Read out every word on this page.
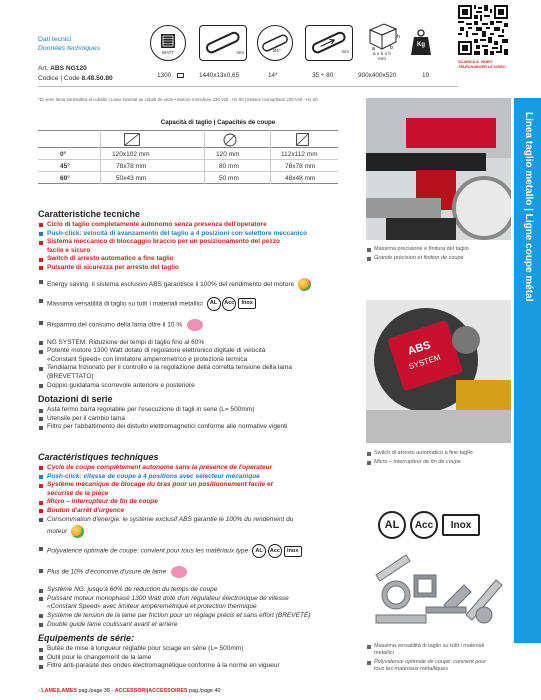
Dati tecnici
Données techniques
Art. ABS NG120
Codice | Code 8.48.50.80
WATT	mm	Ø1*	mm
h
a	b
a x b x h
mm
Kg
SCARICA IL VIDEO
TÉLÉCHARGER LE VIDEO
1300	1440x13x0,65	14*	35 ÷ 80	900x400x520	19
*Di serie lama bimetallica al cobalto | Lame bimétal au cobalt de série • Motore monofase 230 Volt - Hz 50 | Moteur monophasé 230 Volt - Hz 50
Capacità di taglio | Capacités de coupe
0°	120x102 mm	120 mm	112x112 mm
45°	78x78 mm	80 mm	78x78 mm
60°	50x43 mm	50 mm	48x48 mm
Caratteristiche tecniche
Ciclo di taglio completamente autonomo senza presenza dell'operatore
Push-click: velocità di avanzamento del taglio a 4 posizioni con selettore meccanico
Sistema meccanico di bloccaggio braccio per un posizionamento del pezzo
facile e sicuro
Switch di arresto automatico a fine taglio
Pulsante di sicurezza per arresto del taglio
Energy saving: il sistema esclusivo ABS garantisce il 100% del rendimento del motore
Massima versatilità di taglio su tutti I materiali metallici AL Acc Inox
Risparmio del consumo della lama oltre il 10 %
NG SYSTEM: Riduzione dei tempi di taglio fino al 60%
Potente motore 1300 Watt dotato di regolatore elettronico digitale di velocità
«Constant Speed» con limitatore amperometrico e protezione termica
Tendilama frizionato per il controllo e la regolazione della corretta tensione della lama
(BREVETTATO)
Doppio guidalama scorrevole anteriore e posteriore
Dotazioni di serie
Asta fermo barra regolabile per l'esecuzione di tagli in serie (L= 500mm)
Utensile per il cambio lama
Filtro per l'abbattimento dei disturbi elettromagnetici conforme alle normative vigenti
Caractéristiques techniques
Cycle de coupe complètement autonome sans la présence de l'operateur
Push-click: vitesse de coupe à 4 positions avec sélecteur mécanique
Système mécanique de blocage du bras pour un positionnement facile et
sécurisé de la pièce
Micro – interrupteur de fin de coupe
Bouton d'arrêt d'urgence
Consommation d'énergie: le système exclusif ABS garantie le 100% du rendement du
moteur
Polyvalence optimale de coupe: convient pour tous les matériaux type AL Acc Inox
Plus de 10% d'économie d'usure de lame
Système NG: jusqu'à 60% de réduction du temps de coupe
Puissant moteur monophasé 1300 Watt doté d'un régulateur électronique de vitesse
«Constant Speed» avec limiteur ampèremétrique et protection thermique
Système de tension de la lame par friction pour un réglage précis et sans effort (BREVETÉ)
Double guide lame coulissant avant et arrière
Equipements de série:
Butée de mise à longueur réglable pour sciage en série (L= 500mm)
Outil pour le changement de la lame
Filtre anti-parasite des ondes électromagnétique conforme à la norme en vigueur
› LAME|LAMES pag./page 38 - ACCESSORI|ACCESSOIRES pag./page 40
Massima precisione e finitura del taglio
Grande précision et finition de coupe
ABS
SYSTEM
Switch di arresto automatico a fine taglio
Micro – interrupteur de fin de coupe
AL	Acc	Inox
Massima versatilità di taglio su tutti i materiali
metallici
Polyvalence optimale de coupe: convient pour
tous les matériaux métalliques
Linea taglio metallo | Ligne coupe métal
